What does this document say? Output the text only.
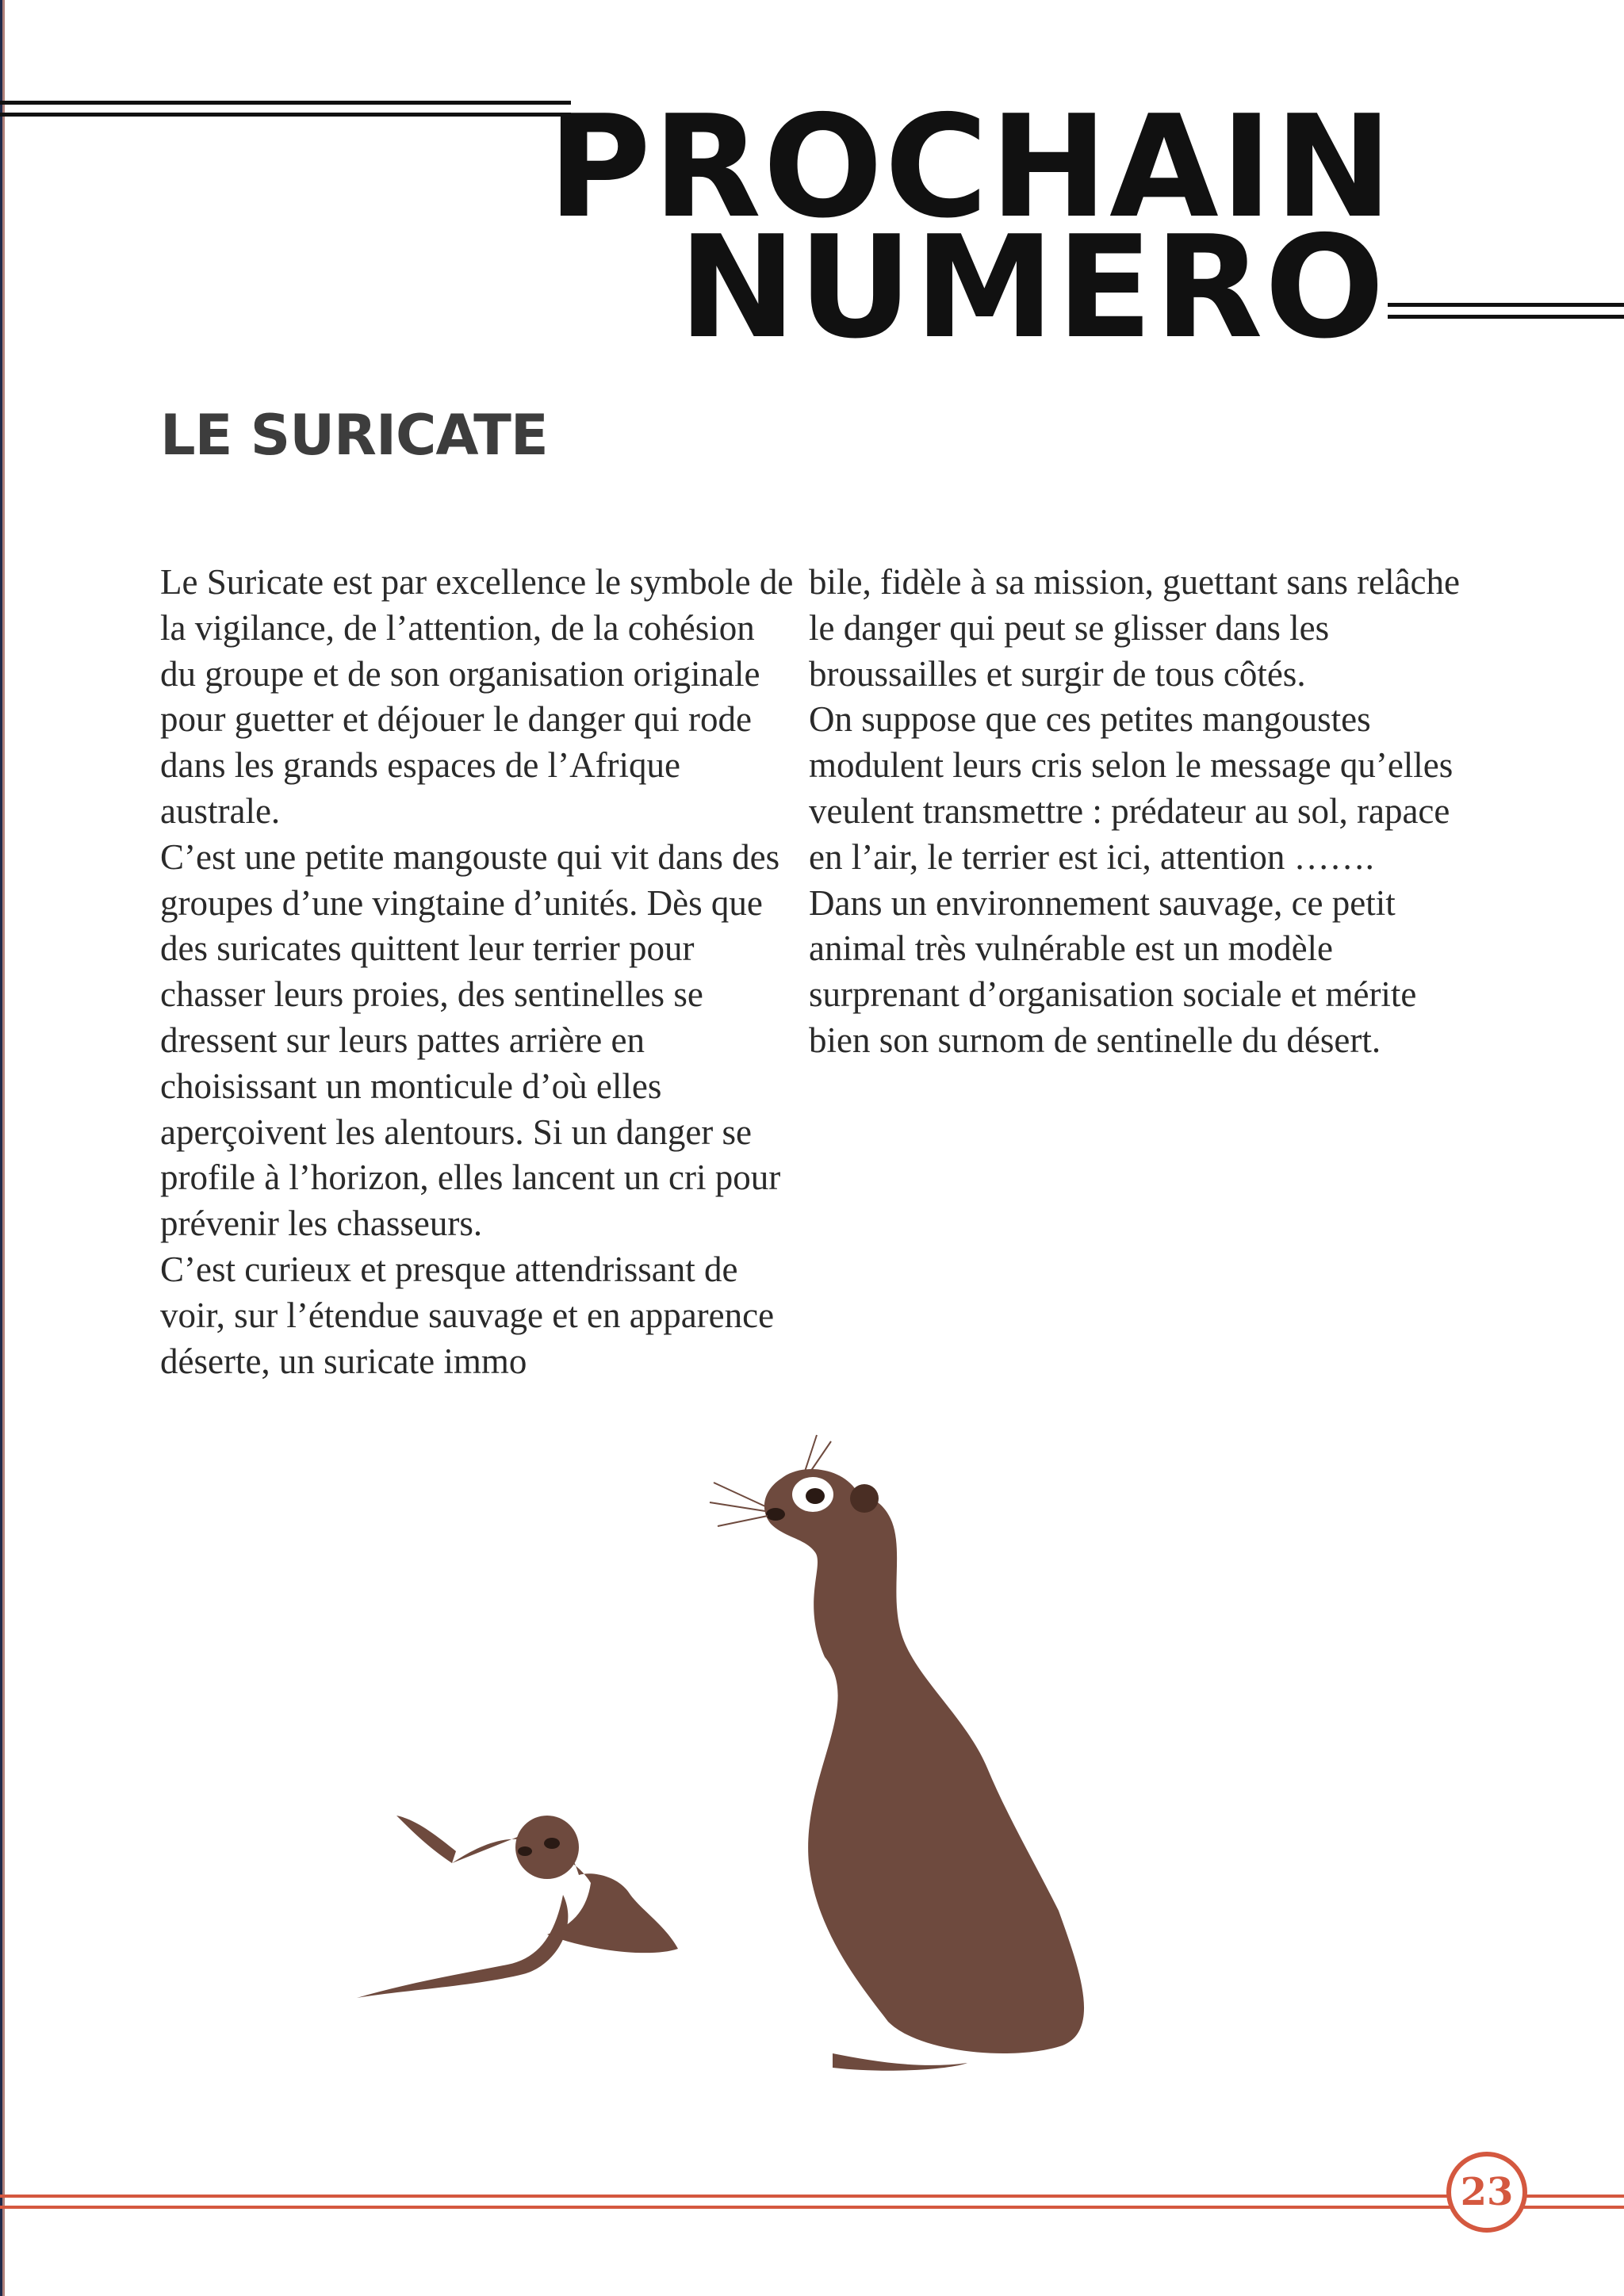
PROCHAIN
NUMERO
LE SURICATE

Le Suricate est par excellence le symbole de la vigilance, de l’attention, de la cohésion du groupe et de son organisation originale pour guetter et déjouer le danger qui rode dans les grands espaces de l’Afrique australe.

C’est une petite mangouste qui vit dans des groupes d’une vingtaine d’unités. Dès que des suricates quittent leur terrier pour chasser leurs proies, des sentinelles se dressent sur leurs pattes arrière en choisissant un monticule d’où elles aperçoivent les alentours. Si un danger se profile à l’horizon, elles lancent un cri pour prévenir les chasseurs.

C’est curieux et presque attendrissant de voir, sur l’étendue sauvage et en apparence déserte, un suricate immo

bile, fidèle à sa mission, guettant sans relâche le danger qui peut se glisser dans les broussailles et surgir de tous côtés.

On suppose que ces petites mangoustes modulent leurs cris selon le message qu’elles veulent transmettre : prédateur au sol, rapace en l’air, le terrier est ici, attention …….

Dans un environnement sauvage, ce petit animal très vulnérable est un modèle surprenant d’organisation sociale et mérite bien son surnom de sentinelle du désert.

23
